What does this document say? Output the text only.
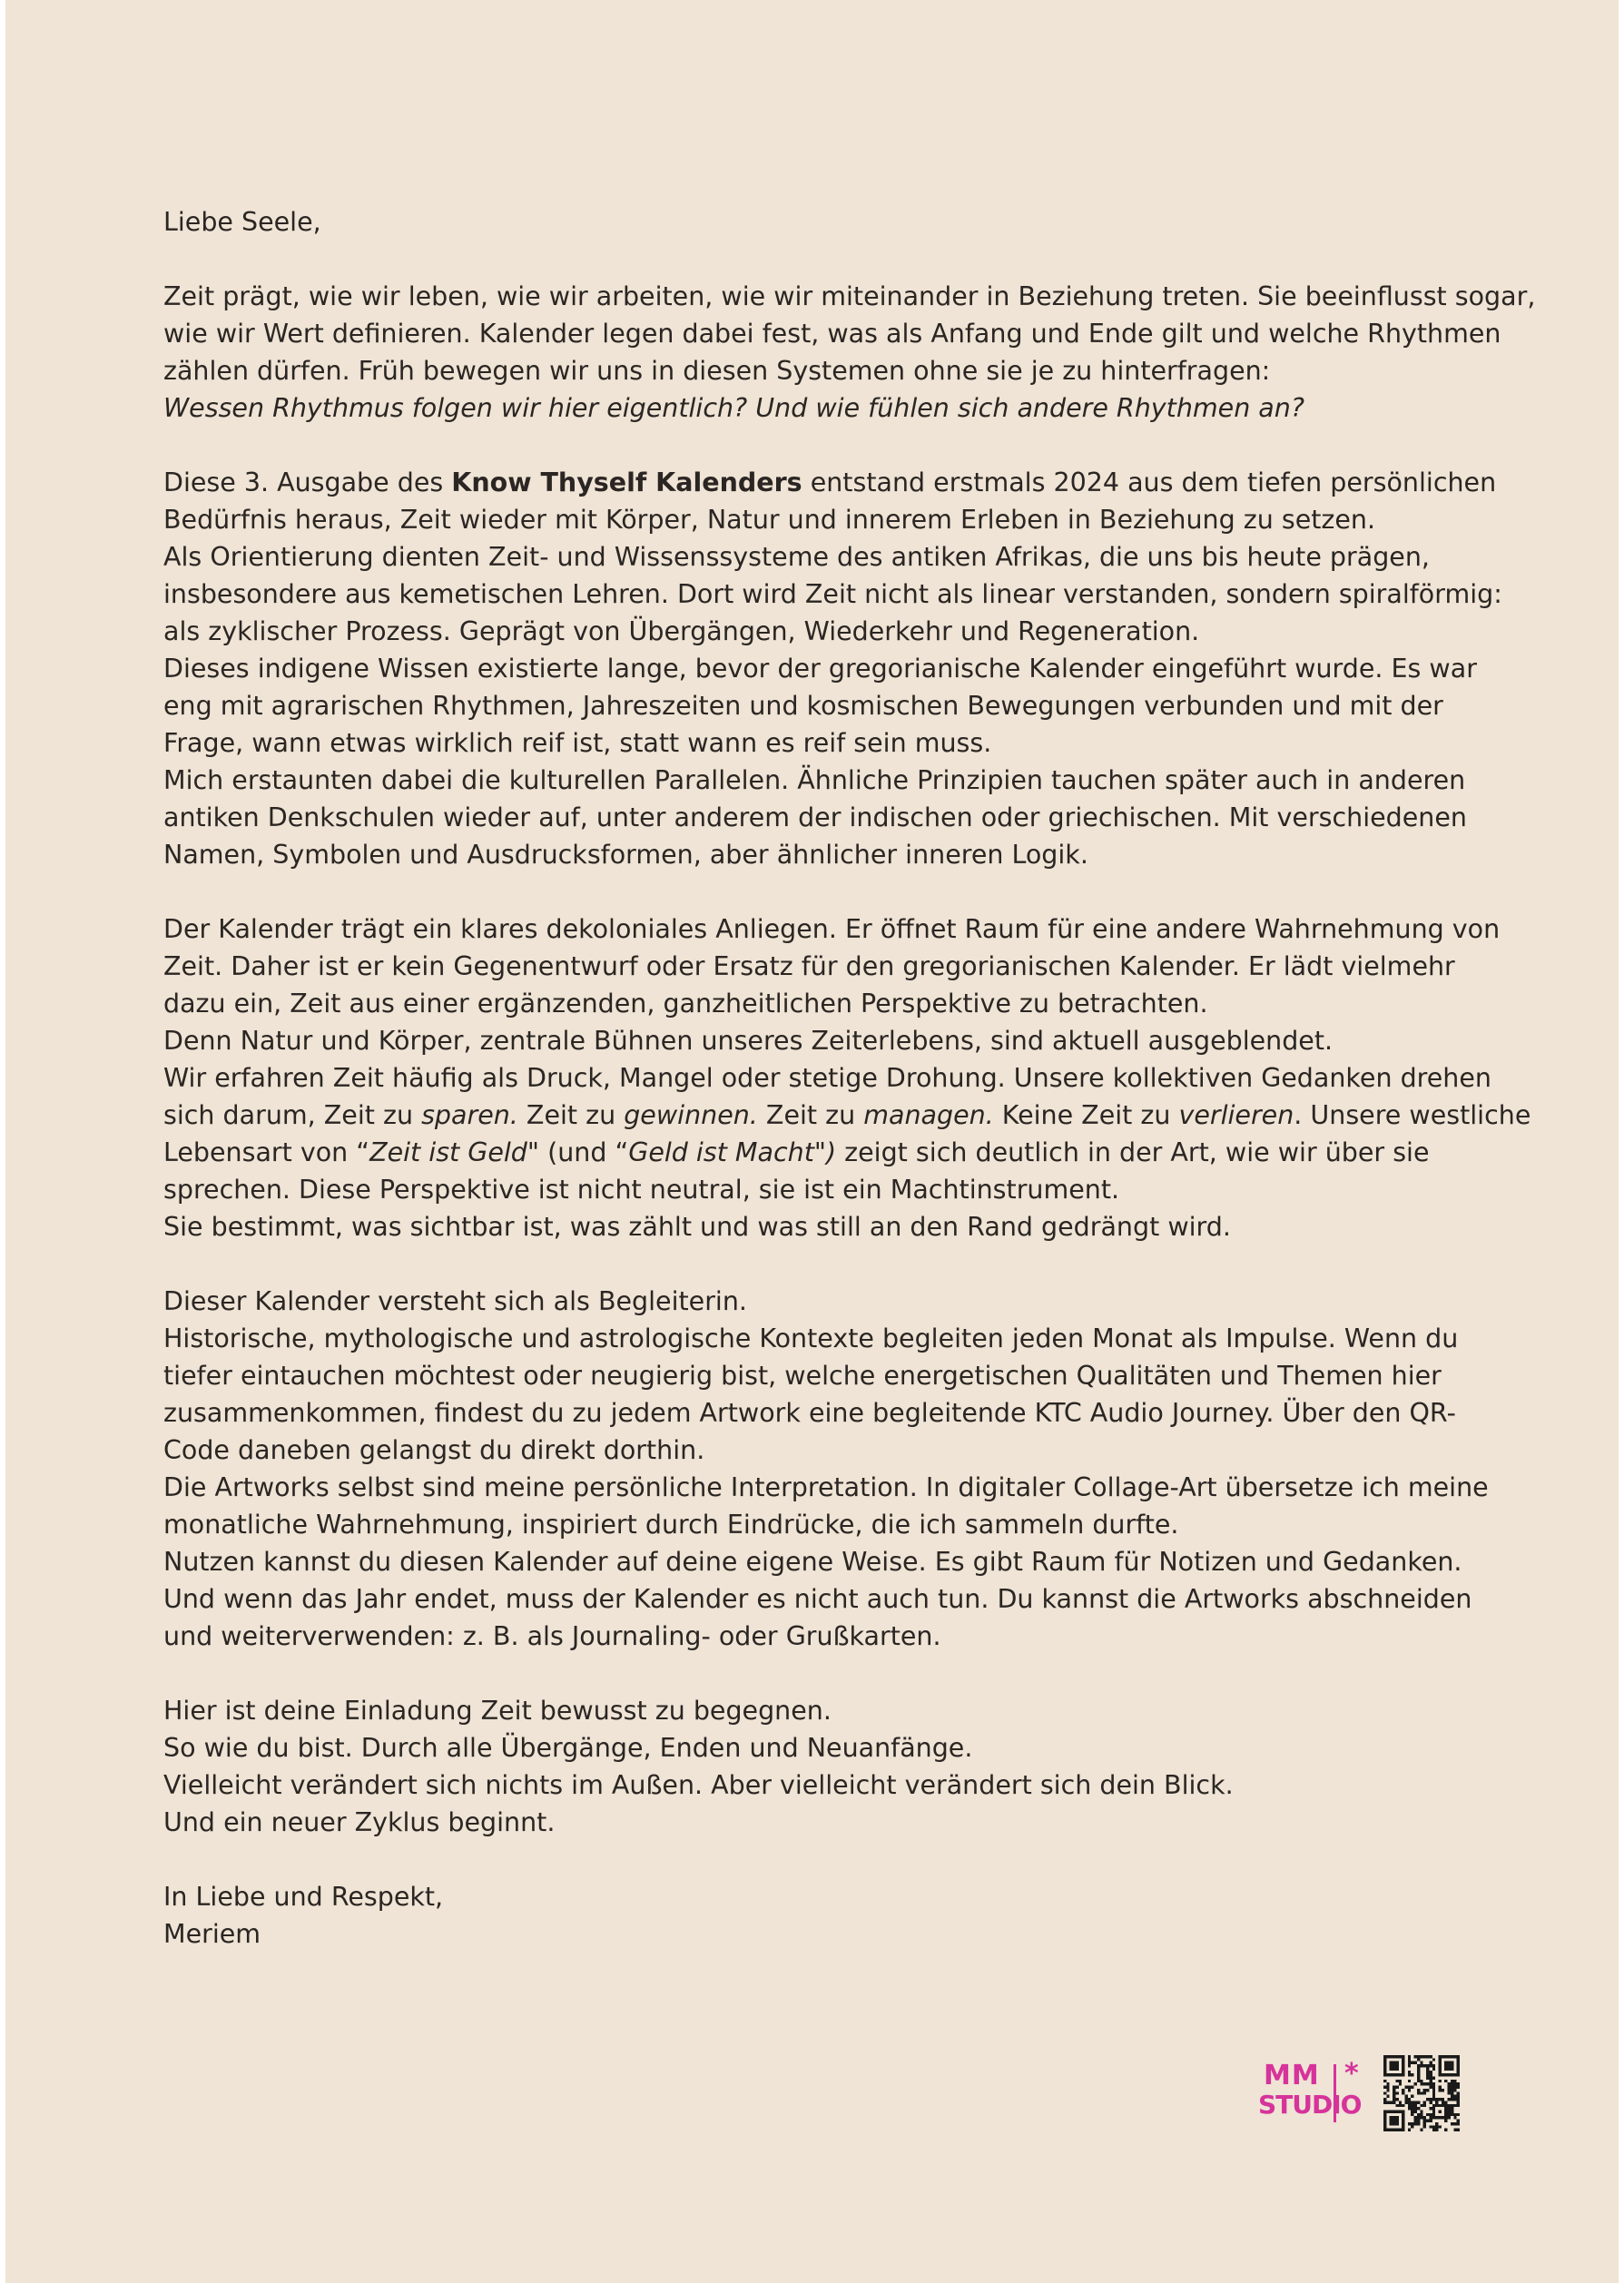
Liebe Seele,

Zeit prägt, wie wir leben, wie wir arbeiten, wie wir miteinander in Beziehung treten. Sie beeinflusst sogar,
wie wir Wert definieren. Kalender legen dabei fest, was als Anfang und Ende gilt und welche Rhythmen
zählen dürfen. Früh bewegen wir uns in diesen Systemen ohne sie je zu hinterfragen:
Wessen Rhythmus folgen wir hier eigentlich? Und wie fühlen sich andere Rhythmen an?

Diese 3. Ausgabe des Know Thyself Kalenders entstand erstmals 2024 aus dem tiefen persönlichen
Bedürfnis heraus, Zeit wieder mit Körper, Natur und innerem Erleben in Beziehung zu setzen.
Als Orientierung dienten Zeit- und Wissenssysteme des antiken Afrikas, die uns bis heute prägen,
insbesondere aus kemetischen Lehren. Dort wird Zeit nicht als linear verstanden, sondern spiralförmig:
als zyklischer Prozess. Geprägt von Übergängen, Wiederkehr und Regeneration.
Dieses indigene Wissen existierte lange, bevor der gregorianische Kalender eingeführt wurde. Es war
eng mit agrarischen Rhythmen, Jahreszeiten und kosmischen Bewegungen verbunden und mit der
Frage, wann etwas wirklich reif ist, statt wann es reif sein muss.
Mich erstaunten dabei die kulturellen Parallelen. Ähnliche Prinzipien tauchen später auch in anderen
antiken Denkschulen wieder auf, unter anderem der indischen oder griechischen. Mit verschiedenen
Namen, Symbolen und Ausdrucksformen, aber ähnlicher inneren Logik.

Der Kalender trägt ein klares dekoloniales Anliegen. Er öffnet Raum für eine andere Wahrnehmung von
Zeit. Daher ist er kein Gegenentwurf oder Ersatz für den gregorianischen Kalender. Er lädt vielmehr
dazu ein, Zeit aus einer ergänzenden, ganzheitlichen Perspektive zu betrachten.
Denn Natur und Körper, zentrale Bühnen unseres Zeiterlebens, sind aktuell ausgeblendet.
Wir erfahren Zeit häufig als Druck, Mangel oder stetige Drohung. Unsere kollektiven Gedanken drehen
sich darum, Zeit zu sparen. Zeit zu gewinnen. Zeit zu managen. Keine Zeit zu verlieren. Unsere westliche
Lebensart von “Zeit ist Geld" (und “Geld ist Macht") zeigt sich deutlich in der Art, wie wir über sie
sprechen. Diese Perspektive ist nicht neutral, sie ist ein Machtinstrument.
Sie bestimmt, was sichtbar ist, was zählt und was still an den Rand gedrängt wird.

Dieser Kalender versteht sich als Begleiterin.
Historische, mythologische und astrologische Kontexte begleiten jeden Monat als Impulse. Wenn du
tiefer eintauchen möchtest oder neugierig bist, welche energetischen Qualitäten und Themen hier
zusammenkommen, findest du zu jedem Artwork eine begleitende KTC Audio Journey. Über den QR-
Code daneben gelangst du direkt dorthin.
Die Artworks selbst sind meine persönliche Interpretation. In digitaler Collage-Art übersetze ich meine
monatliche Wahrnehmung, inspiriert durch Eindrücke, die ich sammeln durfte.
Nutzen kannst du diesen Kalender auf deine eigene Weise. Es gibt Raum für Notizen und Gedanken.
Und wenn das Jahr endet, muss der Kalender es nicht auch tun. Du kannst die Artworks abschneiden
und weiterverwenden: z. B. als Journaling- oder Grußkarten.

Hier ist deine Einladung Zeit bewusst zu begegnen.
So wie du bist. Durch alle Übergänge, Enden und Neuanfänge.
Vielleicht verändert sich nichts im Außen. Aber vielleicht verändert sich dein Blick.
Und ein neuer Zyklus beginnt.

In Liebe und Respekt,

Meriem

MM *
STUDIO
